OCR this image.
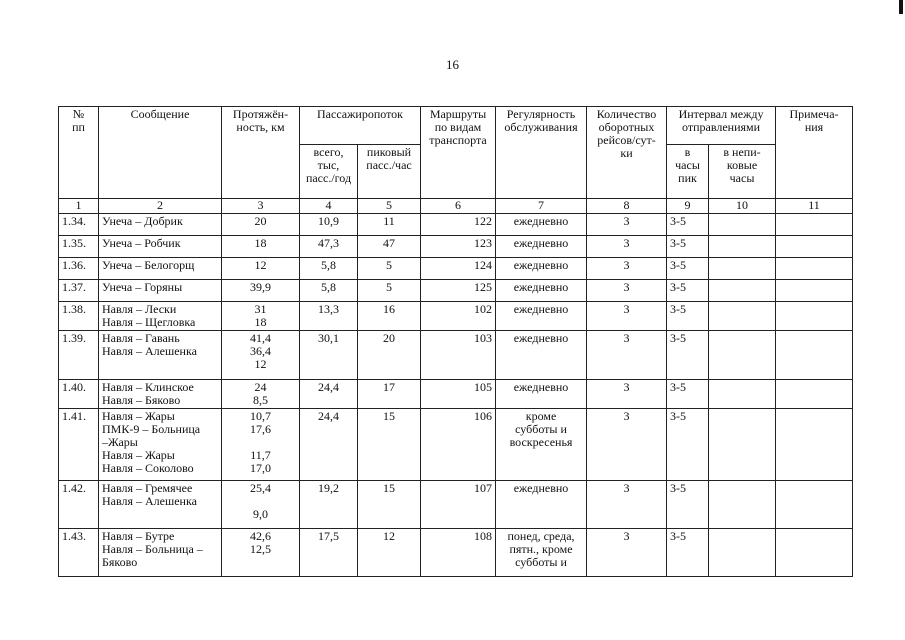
16
№
пп	Сообщение	Протяжён-
ность, км	Пассажиропоток		Маршруты
по видам
транспорта	Регулярность
обслуживания	Количество
оборотных
рейсов/сут-
ки	Интервал между
отправлениями		Примеча-
ния
			всего,
тыс,
пасс./год	пиковый
пасс./час				в
часы
пик	в непи-
ковые
часы	
1	2	3	4	5	6	7	8	9	10	11
1.34.	Унеча – Добрик	20	10,9	11	122	ежедневно	3	3-5		
1.35.	Унеча – Робчик	18	47,3	47	123	ежедневно	3	3-5		
1.36.	Унеча – Белогорщ	12	5,8	5	124	ежедневно	3	3-5		
1.37.	Унеча – Горяны	39,9	5,8	5	125	ежедневно	3	3-5		
1.38.	Навля – Лески
Навля – Щегловка	31
18	13,3	16	102	ежедневно	3	3-5		
1.39.	Навля – Гавань
Навля – Алешенка	41,4
36,4
12	30,1	20	103	ежедневно	3	3-5		
1.40.	Навля – Клинское
Навля – Бяково	24
8,5	24,4	17	105	ежедневно	3	3-5		
1.41.	Навля – Жары
ПМК-9 – Больница
–Жары
Навля – Жары
Навля – Соколово	10,7
17,6

11,7
17,0	24,4	15	106	кроме
субботы и
воскресенья	3	3-5		
1.42.	Навля – Гремячее
Навля – Алешенка	25,4

9,0	19,2	15	107	ежедневно	3	3-5		
1.43.	Навля – Бутре
Навля – Больница –
Бяково	42,6
12,5	17,5	12	108	понед, среда,
пятн., кроме
субботы и	3	3-5		
